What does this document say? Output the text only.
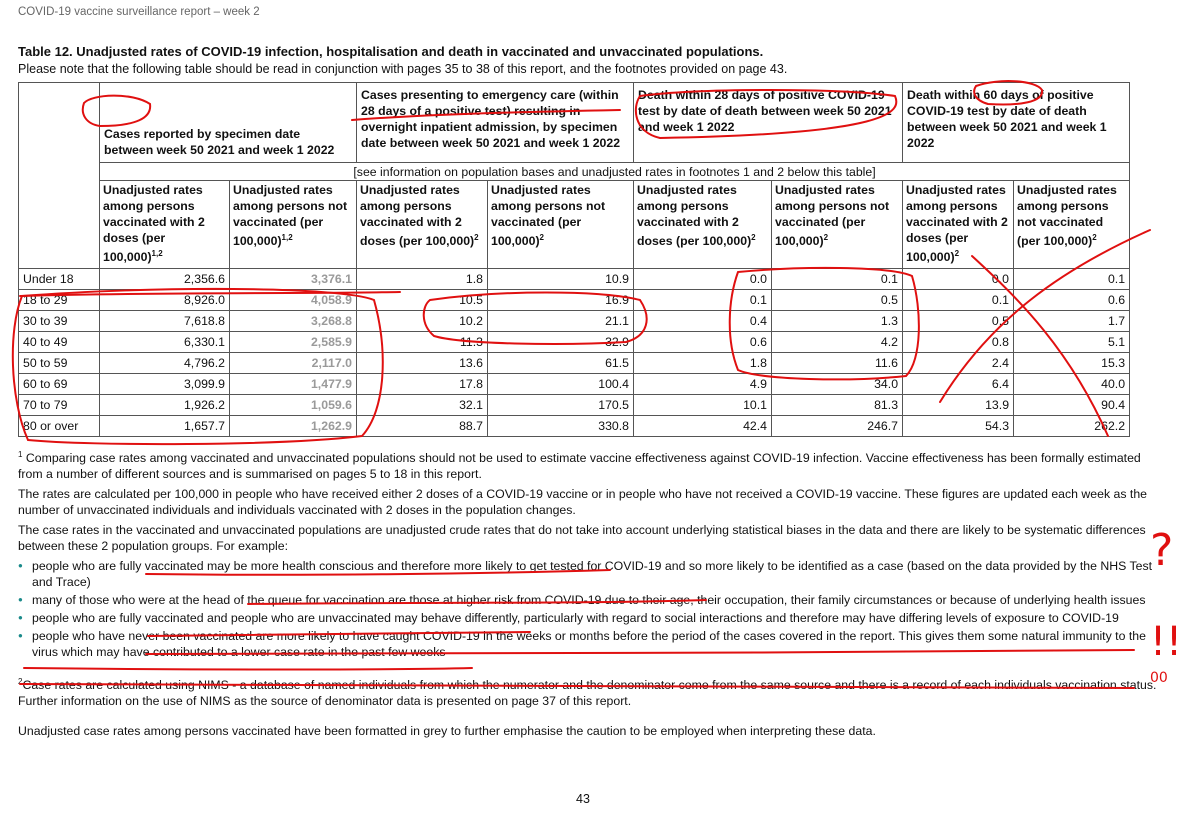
COVID-19 vaccine surveillance report – week 2
Table 12. Unadjusted rates of COVID-19 infection, hospitalisation and death in vaccinated and unvaccinated populations.
Please note that the following table should be read in conjunction with pages 35 to 38 of this report, and the footnotes provided on page 43.
	Cases reported by specimen date between week 50 2021 and week 1 2022		Cases presenting to emergency care (within 28 days of a positive test) resulting in overnight inpatient admission, by specimen date between week 50 2021 and week 1 2022		Death within 28 days of positive COVID-19 test by date of death between week 50 2021 and week 1 2022		Death within 60 days of positive COVID-19 test by date of death between week 50 2021 and week 1 2022	
	[see information on population bases and unadjusted rates in footnotes 1 and 2 below this table]							
	Unadjusted rates among persons vaccinated with 2 doses (per 100,000)$^{1,2}$	Unadjusted rates among persons not vaccinated (per 100,000)$^{1,2}$	Unadjusted rates among persons vaccinated with 2 doses (per 100,000)$^2$	Unadjusted rates among persons not vaccinated (per 100,000)$^2$	Unadjusted rates among persons vaccinated with 2 doses (per 100,000)$^2$	Unadjusted rates among persons not vaccinated (per 100,000)$^2$	Unadjusted rates among persons vaccinated with 2 doses (per 100,000)$^2$	Unadjusted rates among persons not vaccinated (per 100,000)$^2$
Under 18	2,356.6	3,376.1	1.8	10.9	0.0	0.1	0.0	0.1
18 to 29	8,926.0	4,058.9	10.5	16.9	0.1	0.5	0.1	0.6
30 to 39	7,618.8	3,268.8	10.2	21.1	0.4	1.3	0.5	1.7
40 to 49	6,330.1	2,585.9	11.3	32.9	0.6	4.2	0.8	5.1
50 to 59	4,796.2	2,117.0	13.6	61.5	1.8	11.6	2.4	15.3
60 to 69	3,099.9	1,477.9	17.8	100.4	4.9	34.0	6.4	40.0
70 to 79	1,926.2	1,059.6	32.1	170.5	10.1	81.3	13.9	90.4
80 or over	1,657.7	1,262.9	88.7	330.8	42.4	246.7	54.3	262.2

$^1$ Comparing case rates among vaccinated and unvaccinated populations should not be used to estimate vaccine effectiveness against COVID-19 infection. Vaccine effectiveness has been formally estimated from a number of different sources and is summarised on pages 5 to 18 in this report.

The rates are calculated per 100,000 in people who have received either 2 doses of a COVID-19 vaccine or in people who have not received a COVID-19 vaccine. These figures are updated each week as the number of unvaccinated individuals and individuals vaccinated with 2 doses in the population changes.

The case rates in the vaccinated and unvaccinated populations are unadjusted crude rates that do not take into account underlying statistical biases in the data and there are likely to be systematic differences between these 2 population groups. For example:

● people who are fully vaccinated may be more health conscious and therefore more likely to get tested for COVID-19 and so more likely to be identified as a case (based on the data provided by the NHS Test and Trace)
● many of those who were at the head of the queue for vaccination are those at higher risk from COVID-19 due to their age, their occupation, their family circumstances or because of underlying health issues
● people who are fully vaccinated and people who are unvaccinated may behave differently, particularly with regard to social interactions and therefore may have differing levels of exposure to COVID-19
● people who have never been vaccinated are more likely to have caught COVID-19 in the weeks or months before the period of the cases covered in the report. This gives them some natural immunity to the virus which may have contributed to a lower case rate in the past few weeks

$^2$Case rates are calculated using NIMS - a database of named individuals from which the numerator and the denominator come from the same source and there is a record of each individuals vaccination status. Further information on the use of NIMS as the source of denominator data is presented on page 37 of this report.

Unadjusted case rates among persons vaccinated have been formatted in grey to further emphasise the caution to be employed when interpreting these data.

43
?
!!
00
